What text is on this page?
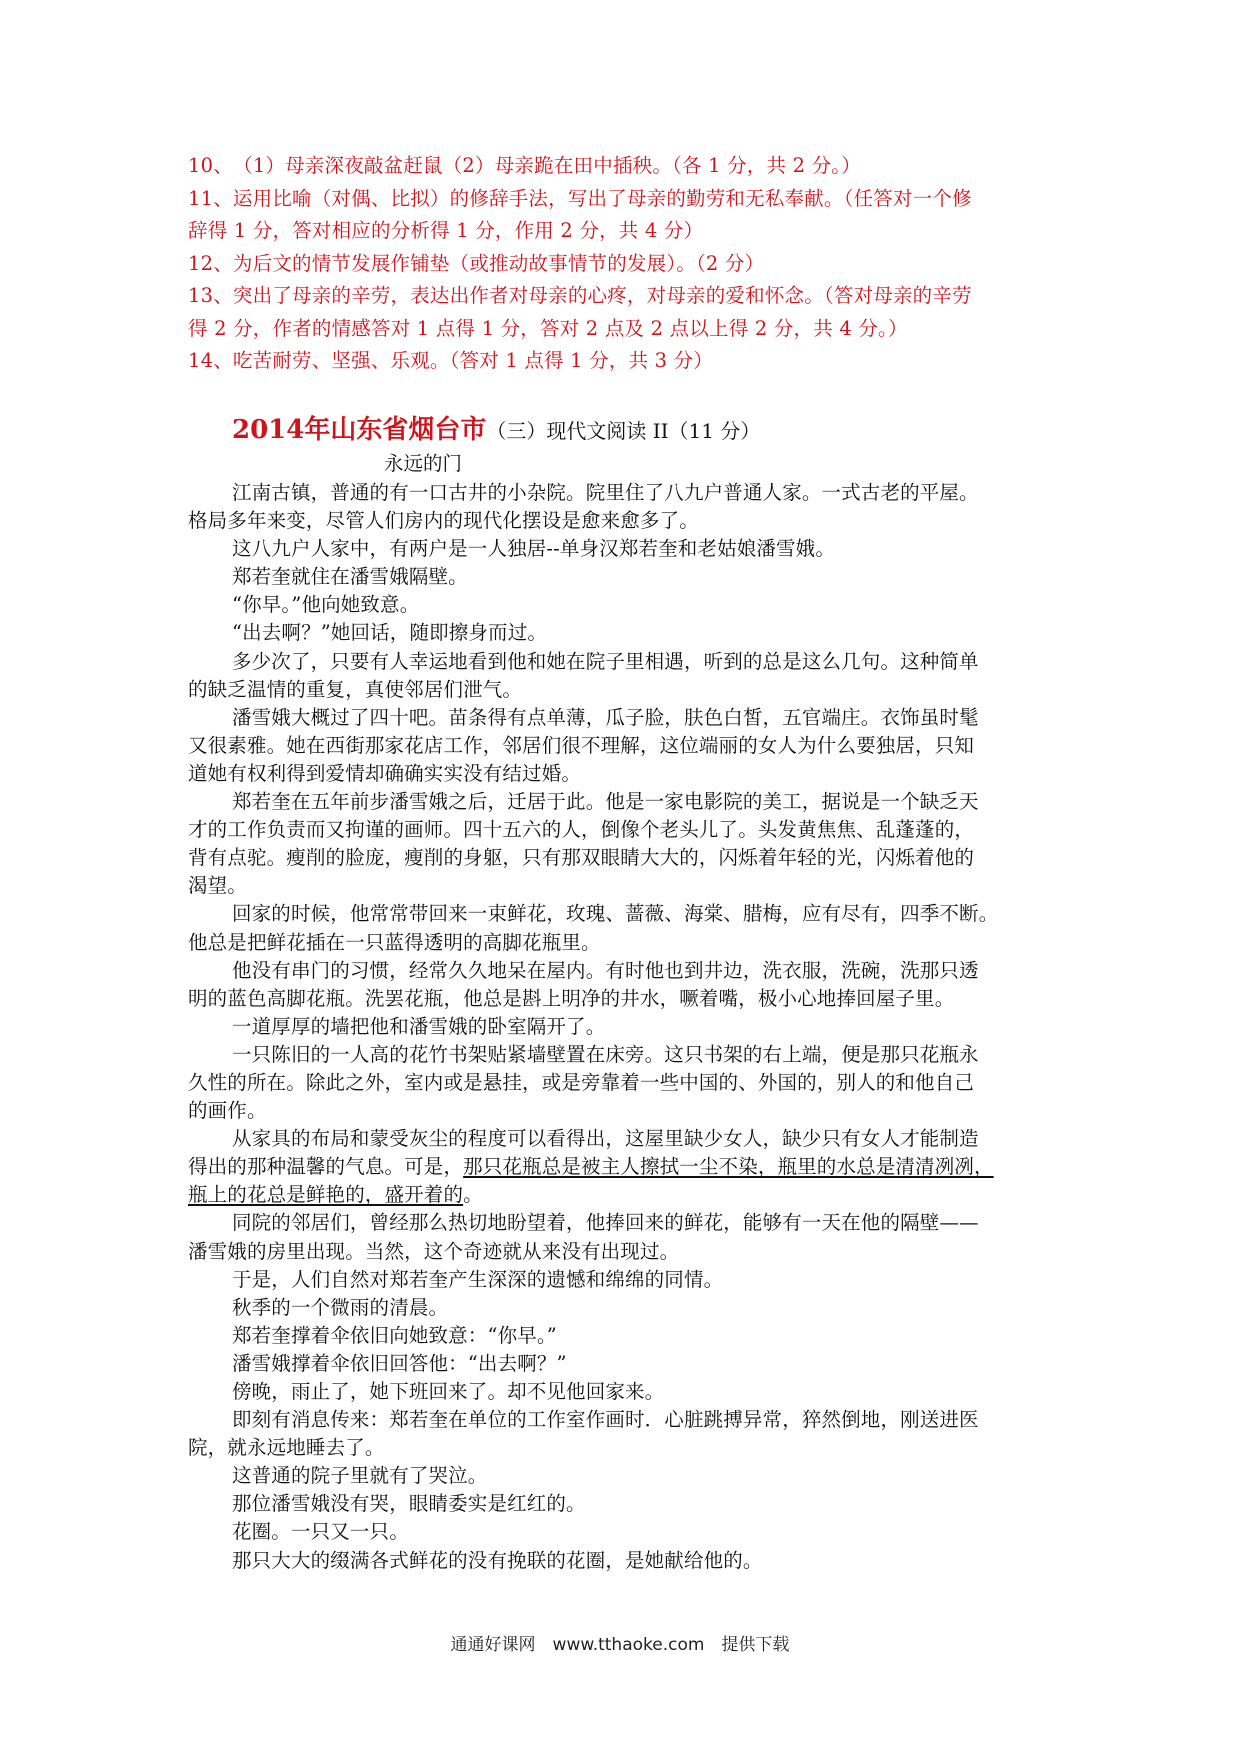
10、　（1）母亲深夜敲盆赶鼠（2）母亲跪在田中插秧。（各 1 分，共 2 分。）
11、运用比喻（对偶、比拟）的修辞手法，写出了母亲的勤劳和无私奉献。（任答对一个修
辞得 1 分，答对相应的分析得 1 分，作用 2 分，共 4 分）
12、为后文的情节发展作铺垫（或推动故事情节的发展）。（2 分）
13、突出了母亲的辛劳，表达出作者对母亲的心疼，对母亲的爱和怀念。（答对母亲的辛劳
得 2 分，作者的情感答对 1 点得 1 分，答对 2 点及 2 点以上得 2 分，共 4 分。）
14、吃苦耐劳、坚强、乐观。（答对 1 点得 1 分，共 3 分）
2014年山东省烟台市（三）现代文阅读 II（11 分）
永远的门
江南古镇，普通的有一口古井的小杂院。院里住了八九户普通人家。一式古老的平屋。
格局多年来变，尽管人们房内的现代化摆设是愈来愈多了。
这八九户人家中，有两户是一人独居--单身汉郑若奎和老姑娘潘雪娥。
郑若奎就住在潘雪娥隔壁。
“你早。”他向她致意。
“出去啊？”她回话，随即擦身而过。
多少次了，只要有人幸运地看到他和她在院子里相遇，听到的总是这么几句。这种简单
的缺乏温情的重复，真使邻居们泄气。
潘雪娥大概过了四十吧。苗条得有点单薄，瓜子脸，肤色白皙，五官端庄。衣饰虽时髦
又很素雅。她在西街那家花店工作，邻居们很不理解，这位端丽的女人为什么要独居，只知
道她有权利得到爱情却确确实实没有结过婚。
郑若奎在五年前步潘雪娥之后，迁居于此。他是一家电影院的美工，据说是一个缺乏天
才的工作负责而又拘谨的画师。四十五六的人，倒像个老头儿了。头发黄焦焦、乱蓬蓬的，
背有点驼。瘦削的脸庞，瘦削的身躯，只有那双眼睛大大的，闪烁着年轻的光，闪烁着他的
渴望。
回家的时候，他常常带回来一束鲜花，玫瑰、蔷薇、海棠、腊梅，应有尽有，四季不断。
他总是把鲜花插在一只蓝得透明的高脚花瓶里。
他没有串门的习惯，经常久久地呆在屋内。有时他也到井边，洗衣服，洗碗，洗那只透
明的蓝色高脚花瓶。洗罢花瓶，他总是斟上明净的井水，噘着嘴，极小心地捧回屋子里。
一道厚厚的墙把他和潘雪娥的卧室隔开了。
一只陈旧的一人高的花竹书架贴紧墙壁置在床旁。这只书架的右上端，便是那只花瓶永
久性的所在。除此之外，室内或是悬挂，或是旁靠着一些中国的、外国的，别人的和他自己
的画作。
从家具的布局和蒙受灰尘的程度可以看得出，这屋里缺少女人，缺少只有女人才能制造
得出的那种温馨的气息。可是，那只花瓶总是被主人擦拭一尘不染，瓶里的水总是清清冽冽，
瓶上的花总是鲜艳的，盛开着的。
同院的邻居们，曾经那么热切地盼望着，他捧回来的鲜花，能够有一天在他的隔壁——
潘雪娥的房里出现。当然，这个奇迹就从来没有出现过。
于是，人们自然对郑若奎产生深深的遗憾和绵绵的同情。
秋季的一个微雨的清晨。
郑若奎撑着伞依旧向她致意：“你早。”
潘雪娥撑着伞依旧回答他：“出去啊？”
傍晚，雨止了，她下班回来了。却不见他回家来。
即刻有消息传来：郑若奎在单位的工作室作画时．心脏跳搏异常，猝然倒地，刚送进医
院，就永远地睡去了。
这普通的院子里就有了哭泣。
那位潘雪娥没有哭，眼睛委实是红红的。
花圈。一只又一只。
那只大大的缀满各式鲜花的没有挽联的花圈，是她献给他的。
通通好课网　www.tthaoke.com　提供下载
